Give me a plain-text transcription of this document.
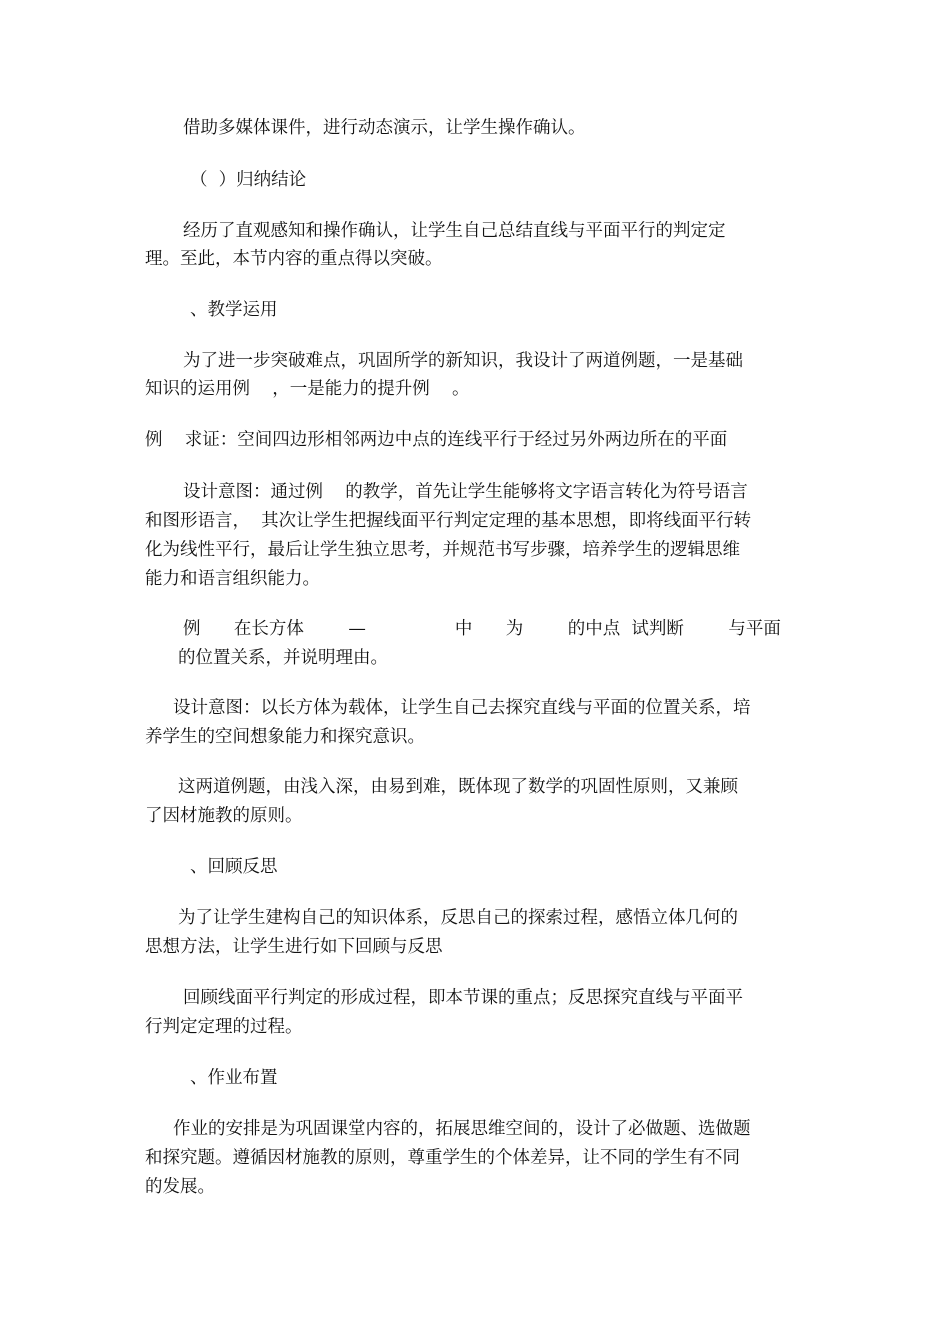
借助多媒体课件，进行动态演示，让学生操作确认。
（  ）归纳结论
经历了直观感知和操作确认，让学生自己总结直线与平面平行的判定定
理。至此，本节内容的重点得以突破。
、教学运用
为了进一步突破难点，巩固所学的新知识，我设计了两道例题，一是基础
知识的运用例    ，一是能力的提升例    。
例    求证：空间四边形相邻两边中点的连线平行于经过另外两边所在的平面
设计意图：通过例    的教学，首先让学生能够将文字语言转化为符号语言
和图形语言，  其次让学生把握线面平行判定定理的基本思想，即将线面平行转
化为线性平行，最后让学生独立思考，并规范书写步骤，培养学生的逻辑思维
能力和语言组织能力。
例      在长方体        —                中      为        的中点  试判断        与平面
的位置关系，并说明理由。
设计意图：以长方体为载体，让学生自己去探究直线与平面的位置关系，培
养学生的空间想象能力和探究意识。
这两道例题，由浅入深，由易到难，既体现了数学的巩固性原则，又兼顾
了因材施教的原则。
、回顾反思
为了让学生建构自己的知识体系，反思自己的探索过程，感悟立体几何的
思想方法，让学生进行如下回顾与反思
回顾线面平行判定的形成过程，即本节课的重点；反思探究直线与平面平
行判定定理的过程。
、作业布置
作业的安排是为巩固课堂内容的，拓展思维空间的，设计了必做题、选做题
和探究题。遵循因材施教的原则，尊重学生的个体差异，让不同的学生有不同
的发展。
